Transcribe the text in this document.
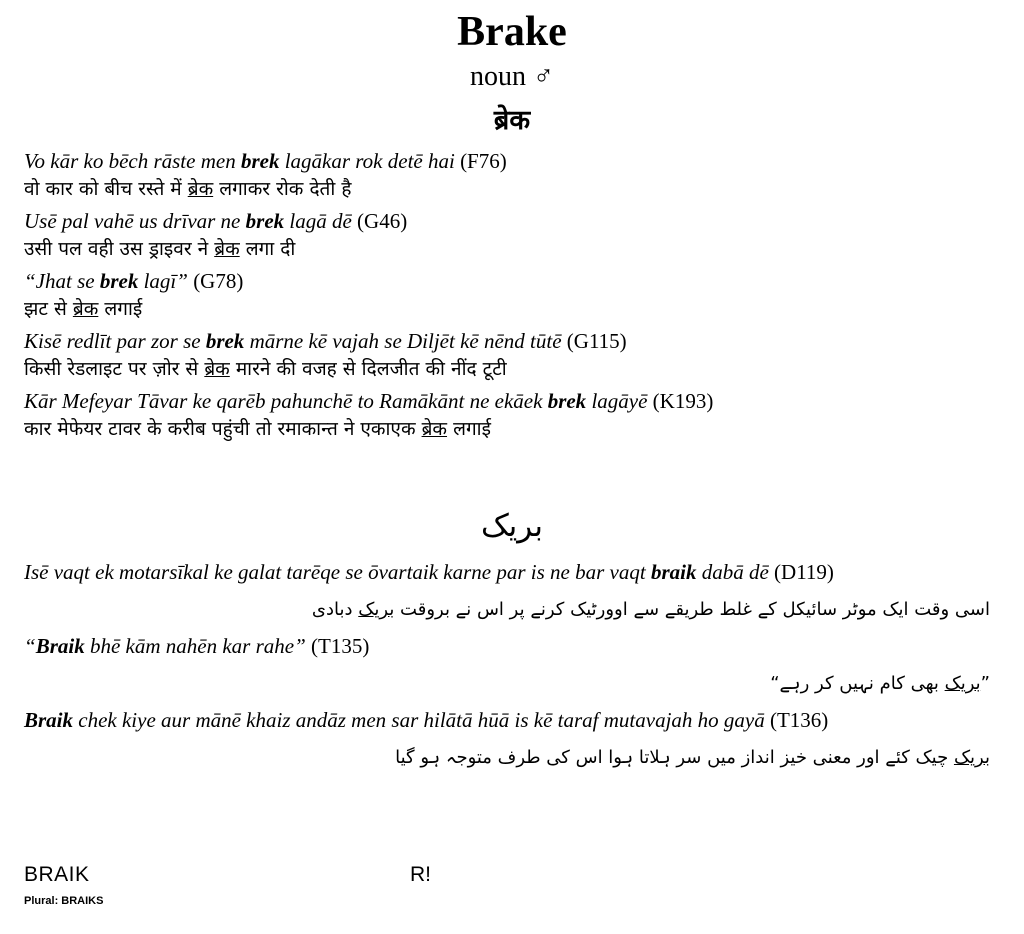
Brake
noun ♂
ब्रेक
Vo kār ko bēch rāste men brek lagākar rok detē hai (F76)
वो कार को बीच रस्ते में ब्रेक लगाकर रोक देती है
Usē pal vahē us drīvar ne brek lagā dē (G46)
उसी पल वही उस ड्राइवर ने ब्रेक लगा दी
“Jhat se brek lagī” (G78)
झट से ब्रेक लगाई
Kisē redlīt par zor se brek mārne kē vajah se Diljēt kē nēnd tūtē (G115)
किसी रेडलाइट पर ज़ोर से ब्रेक मारने की वजह से दिलजीत की नींद टूटी
Kār Mefeyar Tāvar ke qarēb pahunchē to Ramākānt ne ekāek brek lagāyē (K193)
कार मेफेयर टावर के करीब पहुंची तो रमाकान्त ने एकाएक ब्रेक लगाई
بریک
Isē vaqt ek motarsīkal ke galat tarēqe se ōvartaik karne par is ne bar vaqt braik dabā dē (D119)
اسی وقت ایک موٹر سائیکل کے غلط طریقے سے اوورٹیک کرنے پر اس نے بروقت بریک دبادی
“Braik bhē kām nahēn kar rahe” (T135)
”بریک بھی کام نہیں کر رہے“
Braik chek kiye aur mānē khaiz andāz men sar hilātā hūā is kē taraf mutavajah ho gayā (T136)
بریک چیک کئے اور معنی خیز انداز میں سر ہلاتا ہوا اس کی طرف متوجہ ہو گیا
BRAIK	R!
Plural: BRAIKS
